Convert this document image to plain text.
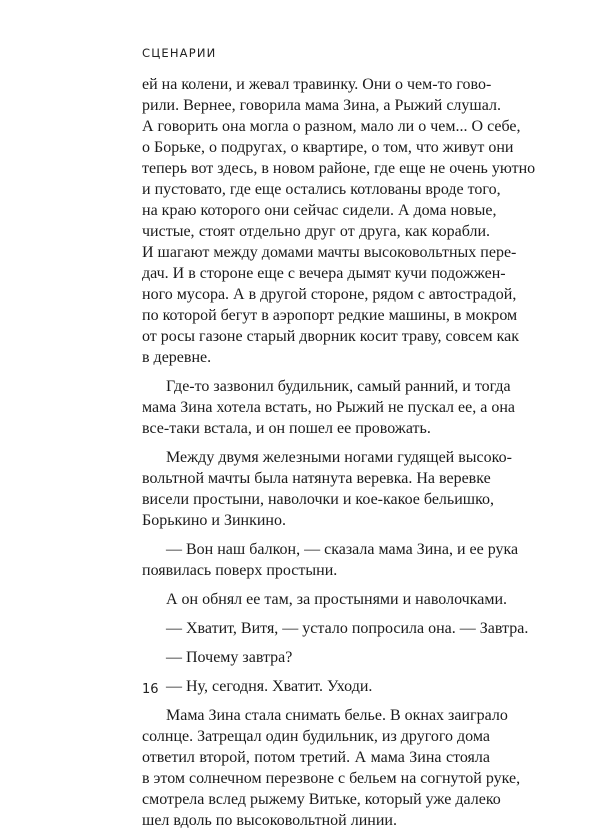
СЦЕНАРИИ
ей на колени, и жевал травинку. Они о чем-то гово-
рили. Вернее, говорила мама Зина, а Рыжий слушал.
А говорить она могла о разном, мало ли о чем... О себе,
о Борьке, о подругах, о квартире, о том, что живут они
теперь вот здесь, в новом районе, где еще не очень уютно
и пустовато, где еще остались котлованы вроде того,
на краю которого они сейчас сидели. А дома новые,
чистые, стоят отдельно друг от друга, как корабли.
И шагают между домами мачты высоковольтных пере-
дач. И в стороне еще с вечера дымят кучи подожжен-
ного мусора. А в другой стороне, рядом с автострадой,
по которой бегут в аэропорт редкие машины, в мокром
от росы газоне старый дворник косит траву, совсем как
в деревне.
Где-то зазвонил будильник, самый ранний, и тогда
мама Зина хотела встать, но Рыжий не пускал ее, а она
все-таки встала, и он пошел ее провожать.
Между двумя железными ногами гудящей высоко-
вольтной мачты была натянута веревка. На веревке
висели простыни, наволочки и кое-какое бельишко,
Борькино и Зинкино.
— Вон наш балкон, — сказала мама Зина, и ее рука
появилась поверх простыни.
А он обнял ее там, за простынями и наволочками.
— Хватит, Витя, — устало попросила она. — Завтра.
— Почему завтра?
— Ну, сегодня. Хватит. Уходи.
Мама Зина стала снимать белье. В окнах заиграло
солнце. Затрещал один будильник, из другого дома
ответил второй, потом третий. А мама Зина стояла
в этом солнечном перезвоне с бельем на согнутой руке,
смотрела вслед рыжему Витьке, который уже далеко
шел вдоль по высоковольтной линии.
16
